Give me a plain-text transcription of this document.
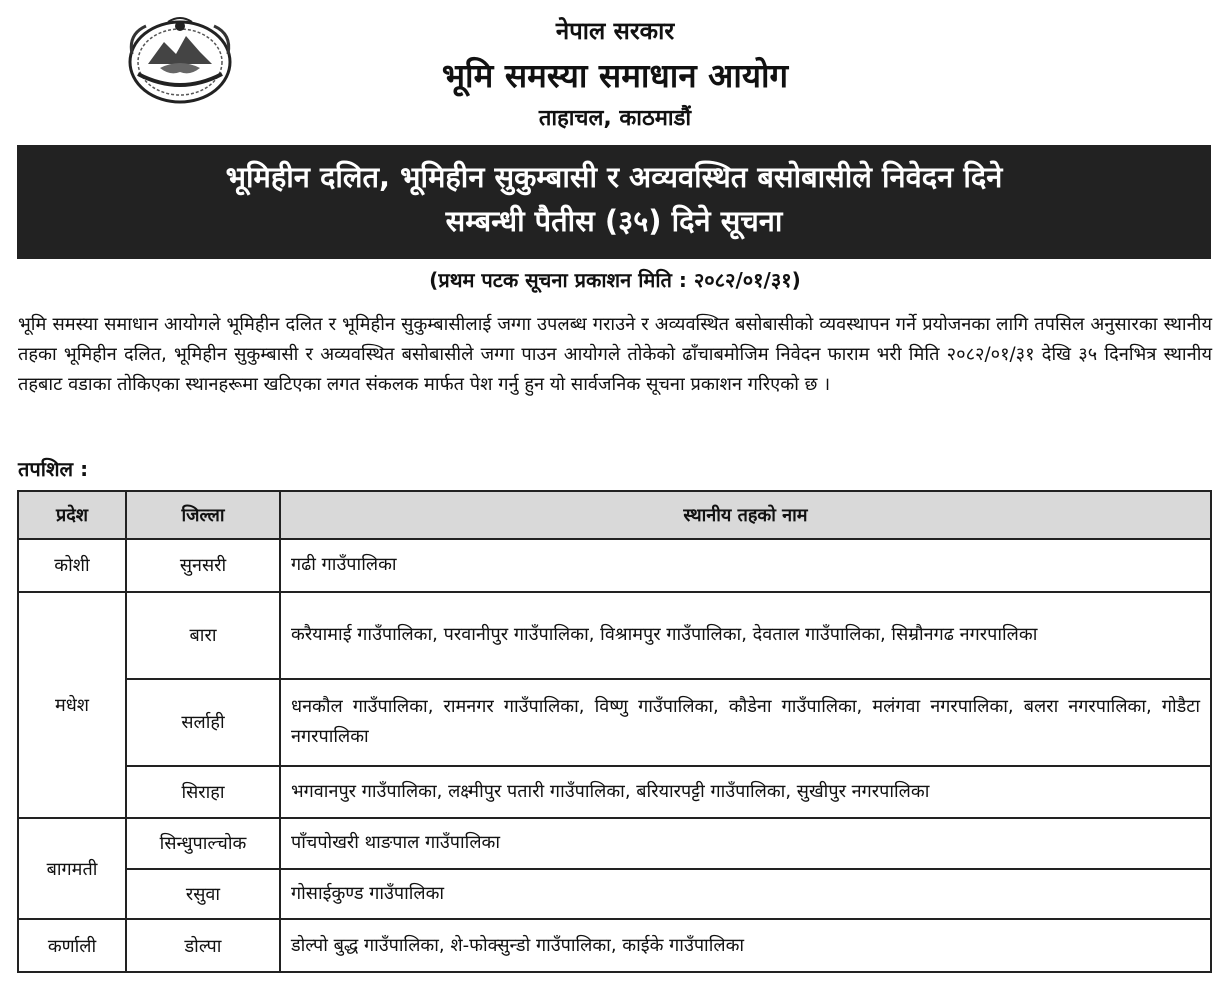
नेपाल सरकार
भूमि समस्या समाधान आयोग
ताहाचल, काठमाडौं
भूमिहीन दलित, भूमिहीन सुकुम्बासी र अव्यवस्थित बसोबासीले निवेदन दिने
सम्बन्धी पैतीस (३५) दिने सूचना
(प्रथम पटक सूचना प्रकाशन मिति : २०८२/०१/३१)

भूमि समस्या समाधान आयोगले भूमिहीन दलित र भूमिहीन सुकुम्बासीलाई जग्गा उपलब्ध गराउने र अव्यवस्थित बसोबासीको व्यवस्थापन गर्ने प्रयोजनका लागि तपसिल अनुसारका स्थानीय तहका भूमिहीन दलित, भूमिहीन सुकुम्बासी र अव्यवस्थित बसोबासीले जग्गा पाउन आयोगले तोकेको ढाँचाबमोजिम निवेदन फाराम भरी मिति २०८२/०१/३१ देखि ३५ दिनभित्र स्थानीय तहबाट वडाका तोकिएका स्थानहरूमा खटिएका लगत संकलक मार्फत पेश गर्नु हुन यो सार्वजनिक सूचना प्रकाशन गरिएको छ ।

तपशिल :
प्रदेश	जिल्ला	स्थानीय तहको नाम
कोशी	सुनसरी	गढी गाउँपालिका
मधेश	बारा	करैयामाई गाउँपालिका, परवानीपुर गाउँपालिका, विश्रामपुर गाउँपालिका, देवताल गाउँपालिका, सिम्रौनगढ नगरपालिका
	सर्लाही	धनकौल गाउँपालिका, रामनगर गाउँपालिका, विष्णु गाउँपालिका, कौडेना गाउँपालिका, मलंगवा नगरपालिका, बलरा नगरपालिका, गोडैटा नगरपालिका
	सिराहा	भगवानपुर गाउँपालिका, लक्ष्मीपुर पतारी गाउँपालिका, बरियारपट्टी गाउँपालिका, सुखीपुर नगरपालिका
बागमती	सिन्धुपाल्चोक	पाँचपोखरी थाङपाल गाउँपालिका
	रसुवा	गोसाईकुण्ड गाउँपालिका
कर्णाली	डोल्पा	डोल्पो बुद्ध गाउँपालिका, शे-फोक्सुन्डो गाउँपालिका, काईके गाउँपालिका
